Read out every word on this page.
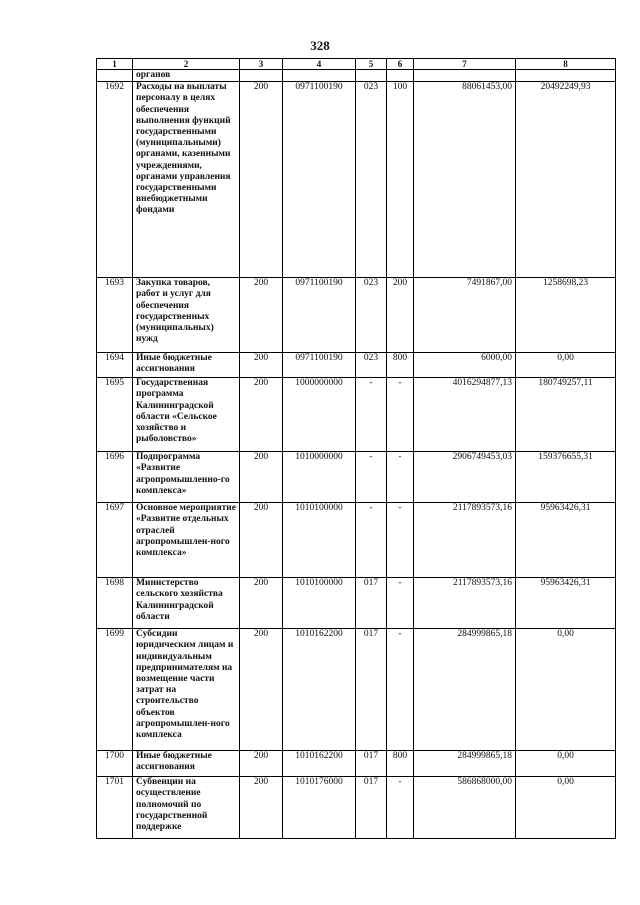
328
1	2	3	4	5	6	7	8
	органов						
1692	Расходы на выплаты персоналу в целях обеспечения выполнения функций государственными (муниципальными) органами, казенными учреждениями, органами управления государственными внебюджетными фондами	200	0971100190	023	100	88061453,00	20492249,93
1693	Закупка товаров, работ и услуг для обеспечения государственных (муниципальных) нужд	200	0971100190	023	200	7491867,00	1258698,23
1694	Иные бюджетные ассигнования	200	0971100190	023	800	6000,00	0,00
1695	Государственная программа Калининградской области «Сельское хозяйство и рыболовство»	200	1000000000	-	-	4016294877,13	180749257,11
1696	Подпрограмма «Развитие агропромышленно-го комплекса»	200	1010000000	-	-	2906749453,03	159376655,31
1697	Основное мероприятие «Развитие отдельных отраслей агропромышлен-ного комплекса»	200	1010100000	-	-	2117893573,16	95963426,31
1698	Министерство сельского хозяйства Калининградской области	200	1010100000	017	-	2117893573,16	95963426,31
1699	Субсидии юридическим лицам и индивидуальным предпринимателям на возмещение части затрат на строительство объектов агропромышлен-ного комплекса	200	1010162200	017	-	284999865,18	0,00
1700	Иные бюджетные ассигнования	200	1010162200	017	800	284999865,18	0,00
1701	Субвенции на осуществление полномочий по государственной поддержке	200	1010176000	017	-	586868000,00	0,00
